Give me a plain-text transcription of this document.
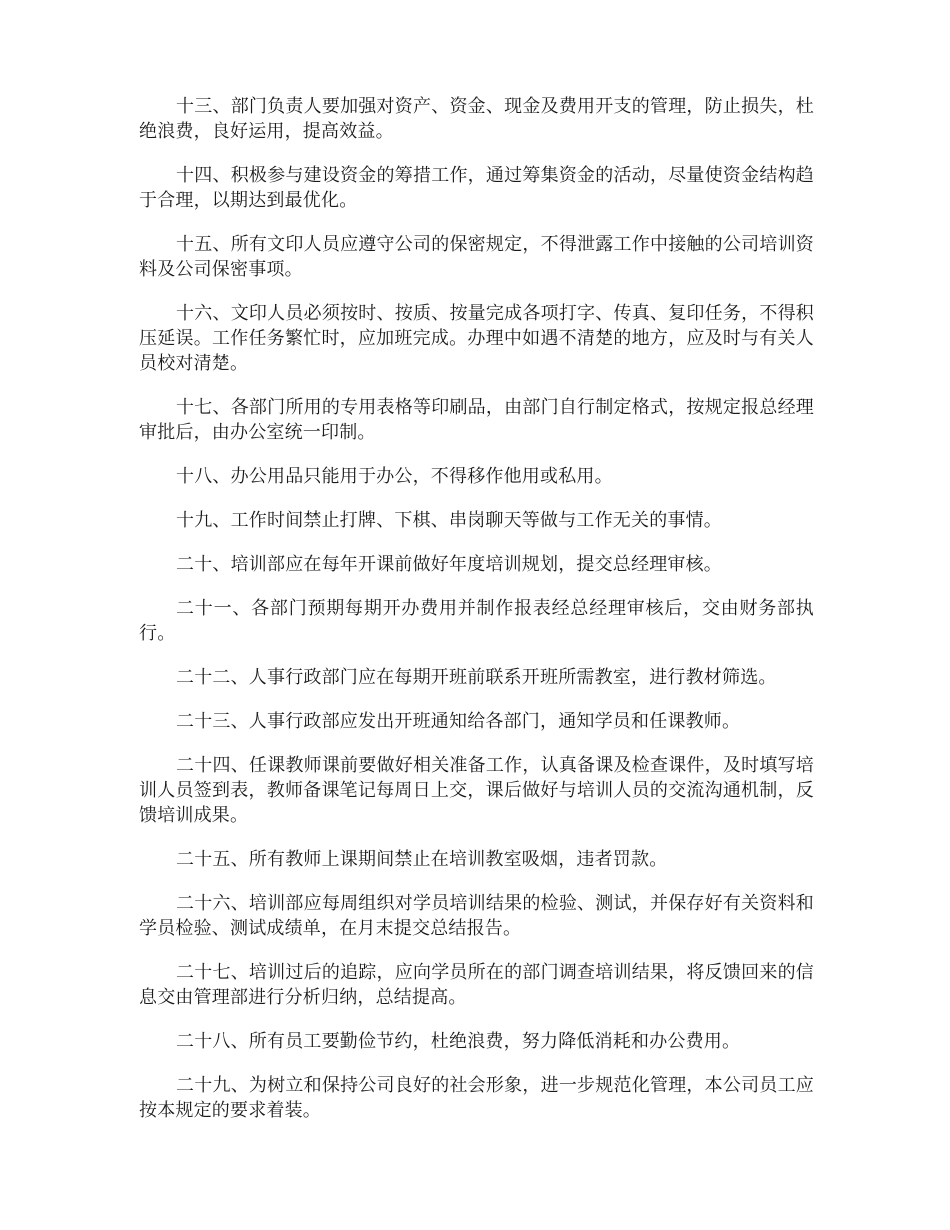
十三、部门负责人要加强对资产、资金、现金及费用开支的管理，防止损失，杜绝浪费，良好运用，提高效益。

十四、积极参与建设资金的筹措工作，通过筹集资金的活动，尽量使资金结构趋于合理，以期达到最优化。

十五、所有文印人员应遵守公司的保密规定，不得泄露工作中接触的公司培训资料及公司保密事项。

十六、文印人员必须按时、按质、按量完成各项打字、传真、复印任务，不得积压延误。工作任务繁忙时，应加班完成。办理中如遇不清楚的地方，应及时与有关人员校对清楚。

十七、各部门所用的专用表格等印刷品，由部门自行制定格式，按规定报总经理审批后，由办公室统一印制。

十八、办公用品只能用于办公，不得移作他用或私用。

十九、工作时间禁止打牌、下棋、串岗聊天等做与工作无关的事情。

二十、培训部应在每年开课前做好年度培训规划，提交总经理审核。

二十一、各部门预期每期开办费用并制作报表经总经理审核后，交由财务部执行。

二十二、人事行政部门应在每期开班前联系开班所需教室，进行教材筛选。

二十三、人事行政部应发出开班通知给各部门，通知学员和任课教师。

二十四、任课教师课前要做好相关准备工作，认真备课及检查课件，及时填写培训人员签到表，教师备课笔记每周日上交，课后做好与培训人员的交流沟通机制，反馈培训成果。

二十五、所有教师上课期间禁止在培训教室吸烟，违者罚款。

二十六、培训部应每周组织对学员培训结果的检验、测试，并保存好有关资料和学员检验、测试成绩单，在月末提交总结报告。

二十七、培训过后的追踪，应向学员所在的部门调查培训结果，将反馈回来的信息交由管理部进行分析归纳，总结提高。

二十八、所有员工要勤俭节约，杜绝浪费，努力降低消耗和办公费用。

二十九、为树立和保持公司良好的社会形象，进一步规范化管理，本公司员工应按本规定的要求着装。
